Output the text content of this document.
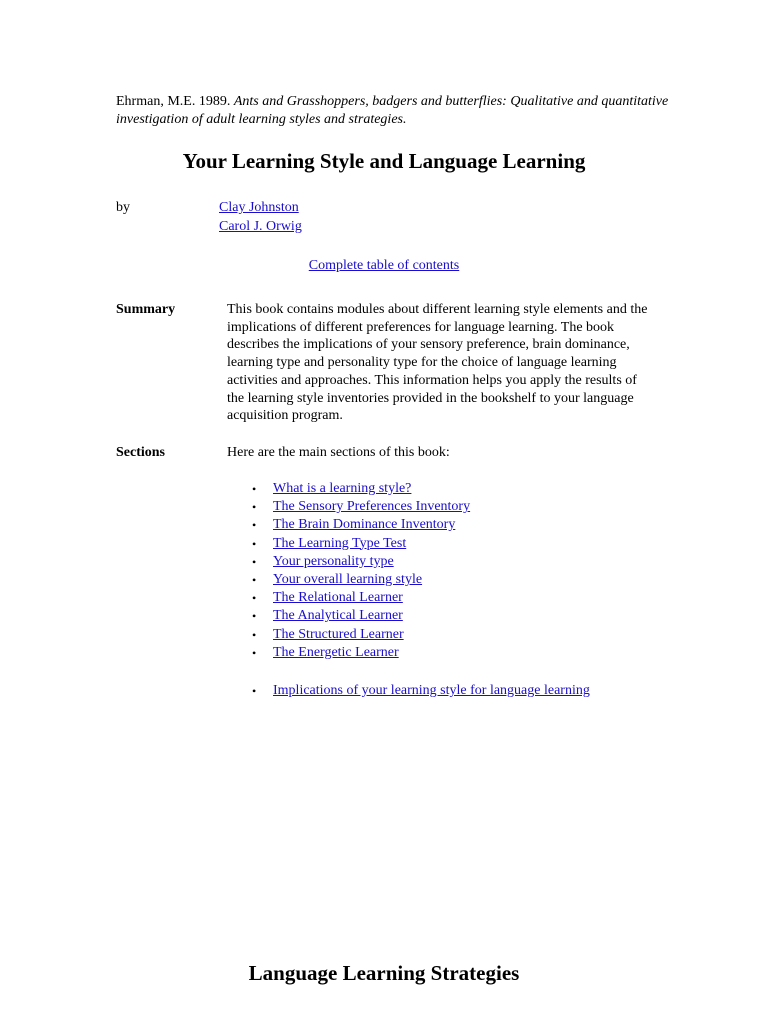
Ehrman, M.E. 1989. Ants and Grasshoppers, badgers and butterflies: Qualitative and quantitative investigation of adult learning styles and strategies.
Your Learning Style and Language Learning
by	Clay Johnston
Carol J. Orwig
Complete table of contents
Summary	This book contains modules about different learning style elements and the implications of different preferences for language learning. The book describes the implications of your sensory preference, brain dominance, learning type and personality type for the choice of language learning activities and approaches. This information helps you apply the results of the learning style inventories provided in the bookshelf to your language acquisition program.
Sections	Here are the main sections of this book:
• What is a learning style?
• The Sensory Preferences Inventory
• The Brain Dominance Inventory
• The Learning Type Test
• Your personality type
• Your overall learning style
• The Relational Learner
• The Analytical Learner
• The Structured Learner
• The Energetic Learner
• Implications of your learning style for language learning
Language Learning Strategies
